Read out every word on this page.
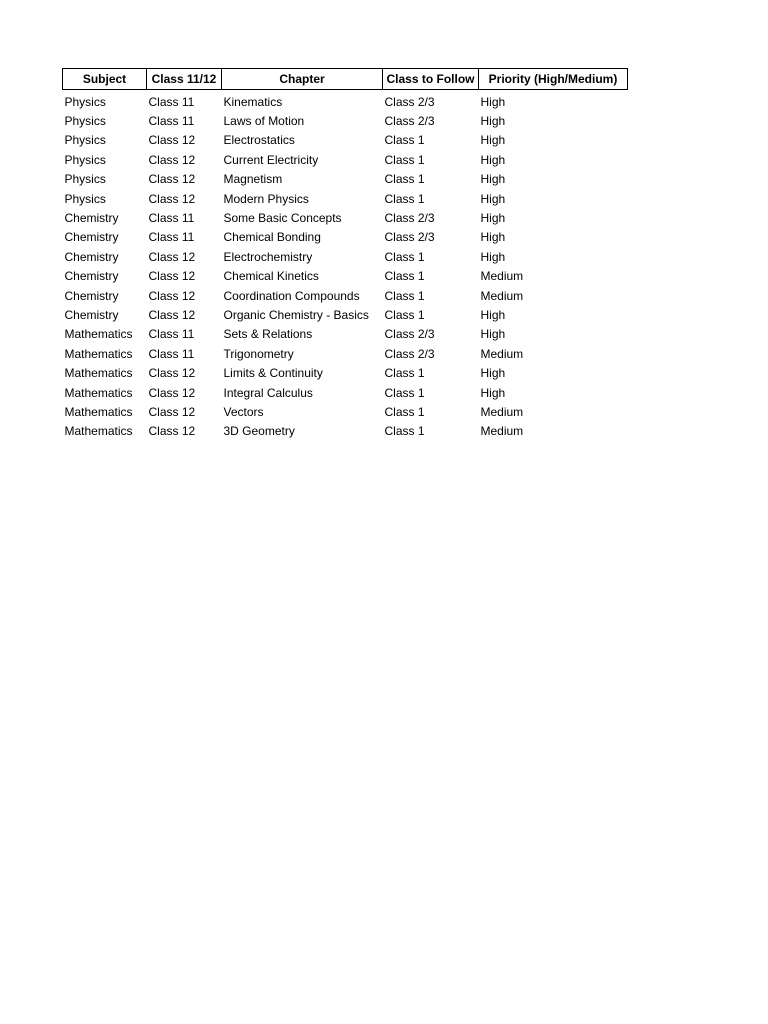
Subject	Class 11/12	Chapter	Class to Follow	Priority (High/Medium)
Physics	Class 11	Kinematics	Class 2/3	High
Physics	Class 11	Laws of Motion	Class 2/3	High
Physics	Class 12	Electrostatics	Class 1	High
Physics	Class 12	Current Electricity	Class 1	High
Physics	Class 12	Magnetism	Class 1	High
Physics	Class 12	Modern Physics	Class 1	High
Chemistry	Class 11	Some Basic Concepts	Class 2/3	High
Chemistry	Class 11	Chemical Bonding	Class 2/3	High
Chemistry	Class 12	Electrochemistry	Class 1	High
Chemistry	Class 12	Chemical Kinetics	Class 1	Medium
Chemistry	Class 12	Coordination Compounds	Class 1	Medium
Chemistry	Class 12	Organic Chemistry - Basics	Class 1	High
Mathematics	Class 11	Sets & Relations	Class 2/3	High
Mathematics	Class 11	Trigonometry	Class 2/3	Medium
Mathematics	Class 12	Limits & Continuity	Class 1	High
Mathematics	Class 12	Integral Calculus	Class 1	High
Mathematics	Class 12	Vectors	Class 1	Medium
Mathematics	Class 12	3D Geometry	Class 1	Medium
